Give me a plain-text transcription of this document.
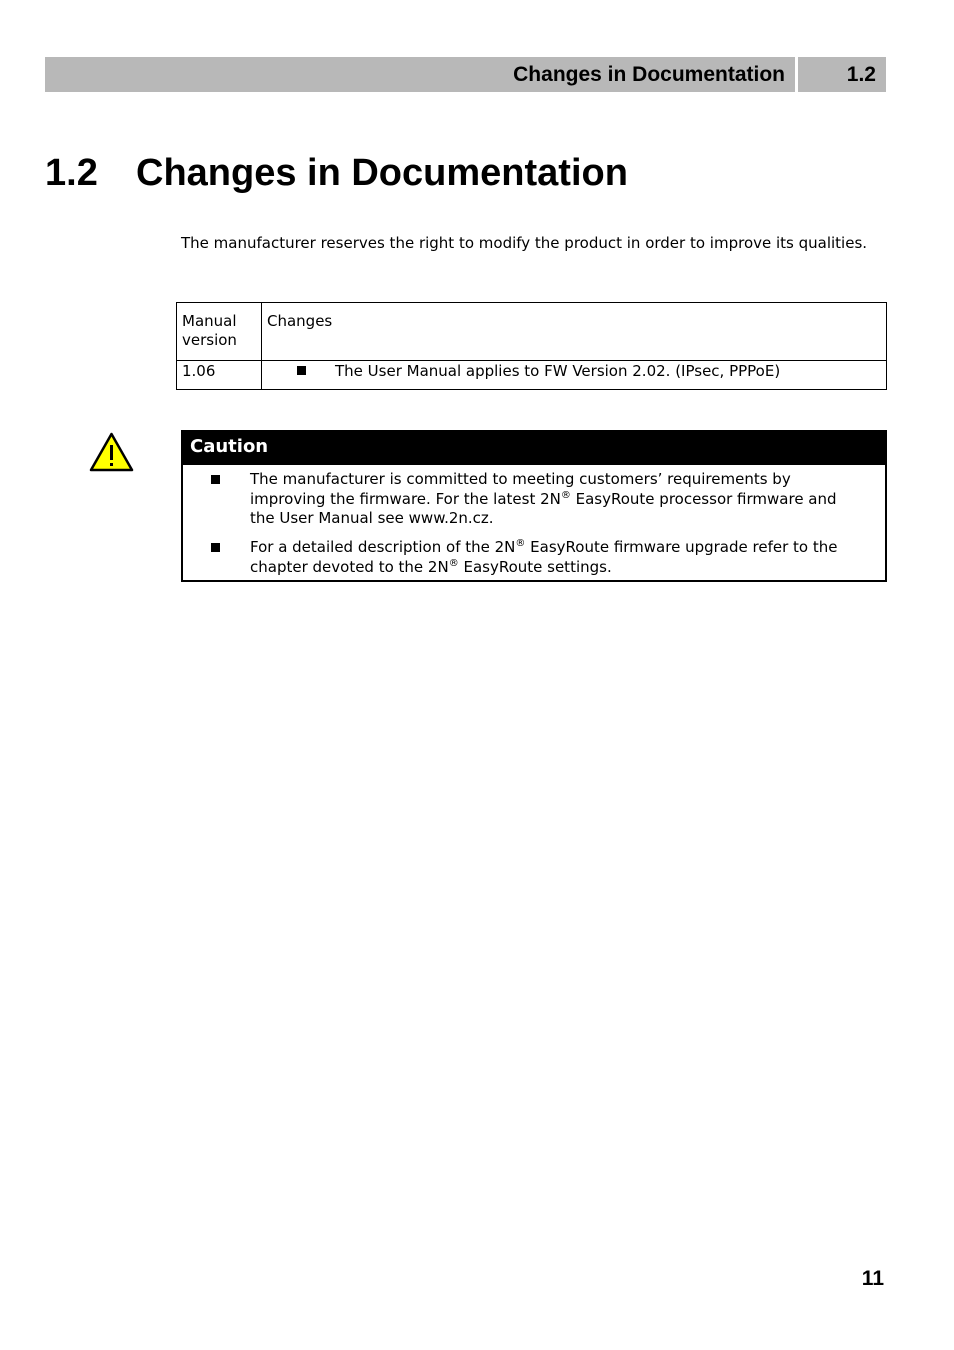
Changes in Documentation	1.2
1.2 Changes in Documentation

The manufacturer reserves the right to modify the product in order to improve its qualities.

Manual
version	Changes
1.06	The User Manual applies to FW Version 2.02. (IPsec, PPPoE)
Caution
The manufacturer is committed to meeting customers’ requirements by improving the firmware. For the latest 2N® EasyRoute processor firmware and the User Manual see www.2n.cz.
For a detailed description of the 2N® EasyRoute firmware upgrade refer to the chapter devoted to the 2N® EasyRoute settings.
11
